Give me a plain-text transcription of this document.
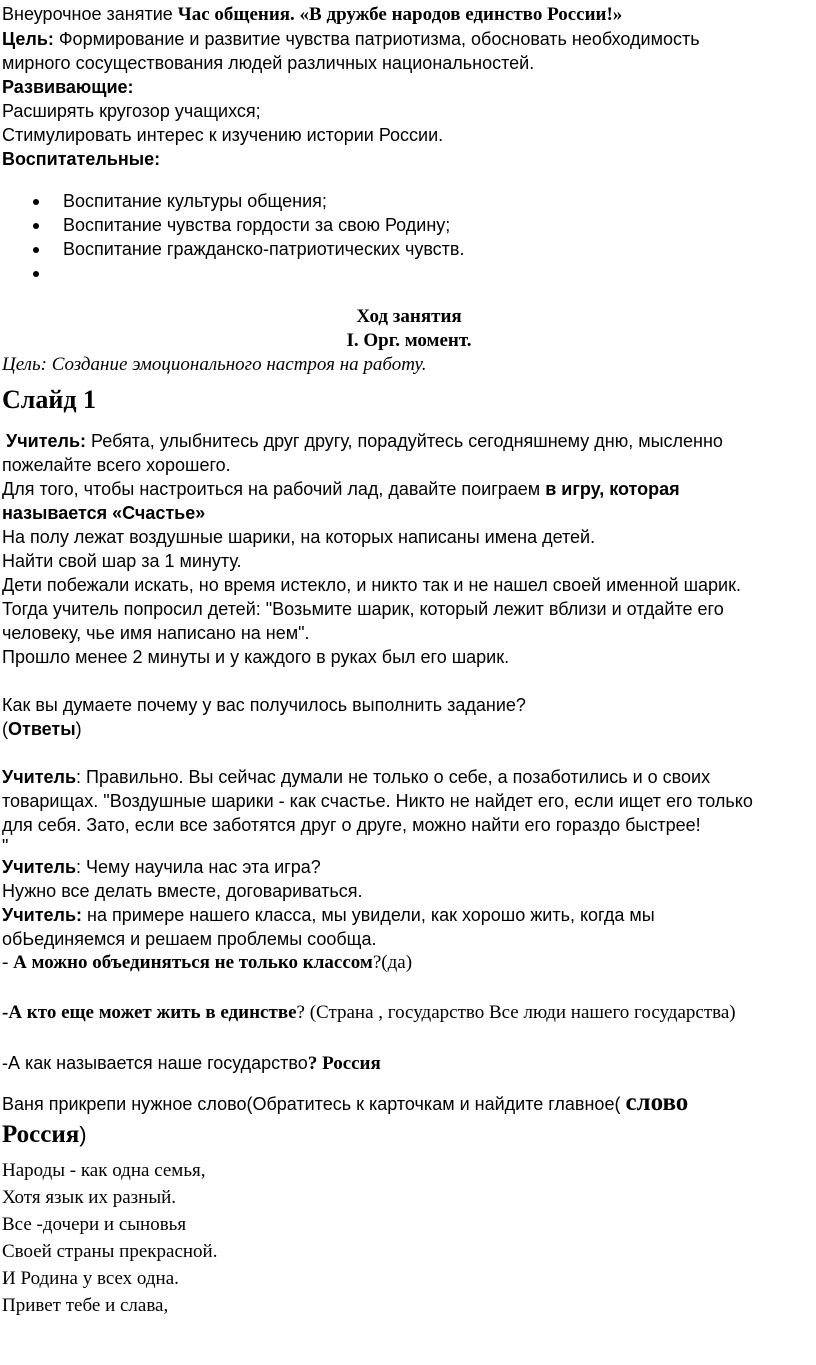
Внеурочное занятие Час общения. «В дружбе народов единство России!»
Цель: Формирование и развитие чувства патриотизма, обосновать необходимость
мирного сосуществования людей различных национальностей.
Развивающие:
Расширять кругозор учащихся;
Стимулировать интерес к изучению истории России.
Воспитательные:
Воспитание культуры общения;
Воспитание чувства гордости за свою Родину;
Воспитание гражданско-патриотических чувств.
Ход занятия
I. Орг. момент.
Цель: Создание эмоционального настроя на работу.
Слайд 1
Учитель: Ребята, улыбнитесь друг другу, порадуйтесь сегодняшнему дню, мысленно
пожелайте всего хорошего.
Для того, чтобы настроиться на рабочий лад, давайте поиграем в игру, которая
называется «Счастье»
На полу лежат воздушные шарики, на которых написаны имена детей.
Найти свой шар за 1 минуту.
Дети побежали искать, но время истекло, и никто так и не нашел своей именной шарик.
Тогда учитель попросил детей: "Возьмите шарик, который лежит вблизи и отдайте его
человеку, чье имя написано на нем".
Прошло менее 2 минуты и у каждого в руках был его шарик.
Как вы думаете почему у вас получилось выполнить задание?
(Ответы)
Учитель: Правильно. Вы сейчас думали не только о себе, а позаботились и о своих
товарищах. "Воздушные шарики - как счастье. Никто не найдет его, если ищет его только
для себя. Зато, если все заботятся друг о друге, можно найти его гораздо быстрее!
"
Учитель: Чему научила нас эта игра?
Нужно все делать вместе, договариваться.
Учитель: на примере нашего класса, мы увидели, как хорошо жить, когда мы
обЬединяемся и решаем проблемы сообща.
- А можно объединяться не только классом?(да)
-А кто еще может жить в единстве? (Страна , государство Все люди нашего государства)
-А как называется наше государство? Россия
Ваня прикрепи нужное слово(Обратитесь к карточкам и найдите главное( слово
Россия)
Народы - как одна семья,
Хотя язык их разный.
Все -дочери и сыновья
Своей страны прекрасной.
И Родина у всех одна.
Привет тебе и слава,
